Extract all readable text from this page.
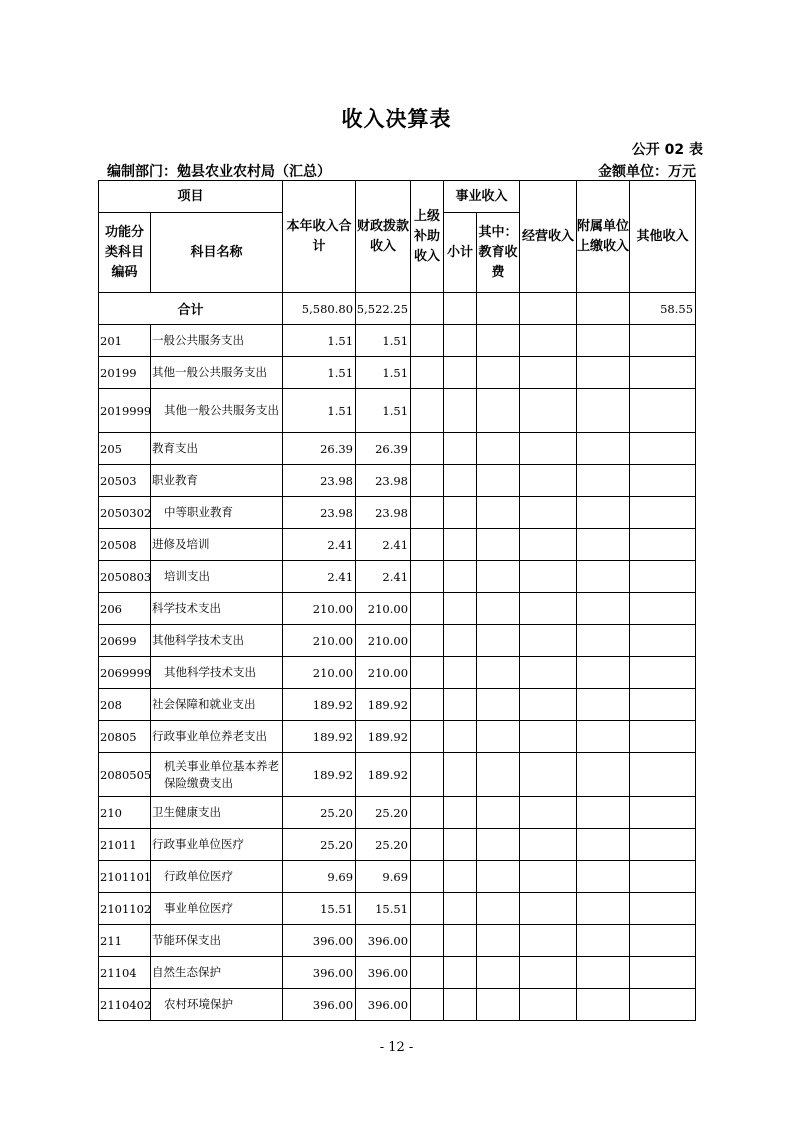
收入决算表
公开 02 表
编制部门：勉县农业农村局（汇总）	金额单位：万元
项目		本年收入合计	财政拨款收入	上级补助收入	事业收入		经营收入	附属单位上缴收入	其他收入
功能分类科目编码	科目名称				小计	其中：教育收费			

合计		5,580.80	5,522.25						58.55
201	一般公共服务支出	1.51	1.51						
20199	其他一般公共服务支出	1.51	1.51						
2019999	其他一般公共服务支出	1.51	1.51						
205	教育支出	26.39	26.39						
20503	职业教育	23.98	23.98						
2050302	中等职业教育	23.98	23.98						
20508	进修及培训	2.41	2.41						
2050803	培训支出	2.41	2.41						
206	科学技术支出	210.00	210.00						
20699	其他科学技术支出	210.00	210.00						
2069999	其他科学技术支出	210.00	210.00						
208	社会保障和就业支出	189.92	189.92						
20805	行政事业单位养老支出	189.92	189.92						
2080505	机关事业单位基本养老保险缴费支出	189.92	189.92						
210	卫生健康支出	25.20	25.20						
21011	行政事业单位医疗	25.20	25.20						
2101101	行政单位医疗	9.69	9.69						
2101102	事业单位医疗	15.51	15.51						
211	节能环保支出	396.00	396.00						
21104	自然生态保护	396.00	396.00						
2110402	农村环境保护	396.00	396.00						
- 12 -
